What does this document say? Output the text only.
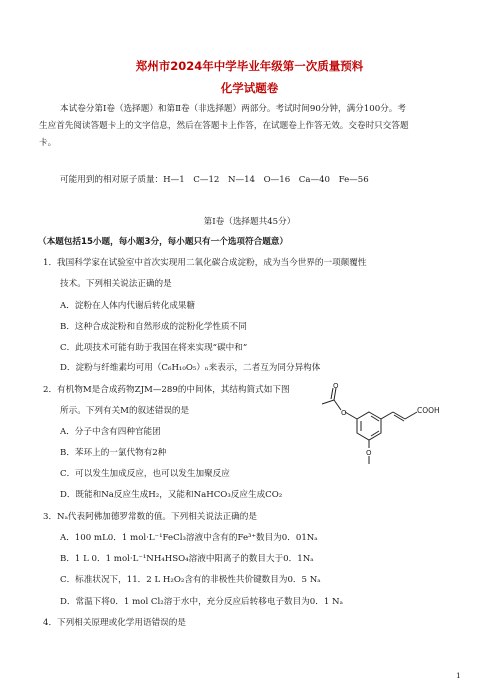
郑州市2024年中学毕业年级第一次质量预料
化学试题卷
本试卷分第Ⅰ卷（选择题）和第Ⅱ卷（非选择题）两部分。考试时间90分钟，满分100分。考
生应首先阅读答题卡上的文字信息，然后在答题卡上作答，在试题卷上作答无效。交卷时只交答题
卡。
可能用到的相对原子质量：H—1　C—12　N—14　O—16　Ca—40　Fe—56
第Ⅰ卷（选择题共45分）
（本题包括15小题，每小题3分，每小题只有一个选项符合题意）
1．我国科学家在试验室中首次实现用二氧化碳合成淀粉，成为当今世界的一项颠覆性
技术。下列相关说法正确的是
A．淀粉在人体内代谢后转化成果糖
B．这种合成淀粉和自然形成的淀粉化学性质不同
C．此项技术可能有助于我国在将来实现“碳中和”
D．淀粉与纤维素均可用（C₆H₁₀O₅）ₙ来表示，二者互为同分异构体
2．有机物M是合成药物ZJM—289的中间体，其结构简式如下图
所示。下列有关M的叙述错误的是
A．分子中含有四种官能团
B．苯环上的一氯代物有2种
C．可以发生加成反应，也可以发生加聚反应
D．既能和Na反应生成H₂，又能和NaHCO₃反应生成CO₂
O
O
O
COOH
3．Nₐ代表阿佛加德罗常数的值。下列相关说法正确的是
A．100 mL0．1 mol·L⁻¹FeCl₃溶液中含有的Fe³⁺数目为0．01Nₐ
B．1 L 0．1 mol·L⁻¹NH₄HSO₄溶液中阳离子的数目大于0．1Nₐ
C．标准状况下，11．2 L H₂O₂含有的非极性共价键数目为0．5 Nₐ
D．常温下将0．1 mol Cl₂溶于水中，充分反应后转移电子数目为0．1 Nₐ
4．下列相关原理或化学用语错误的是
1
